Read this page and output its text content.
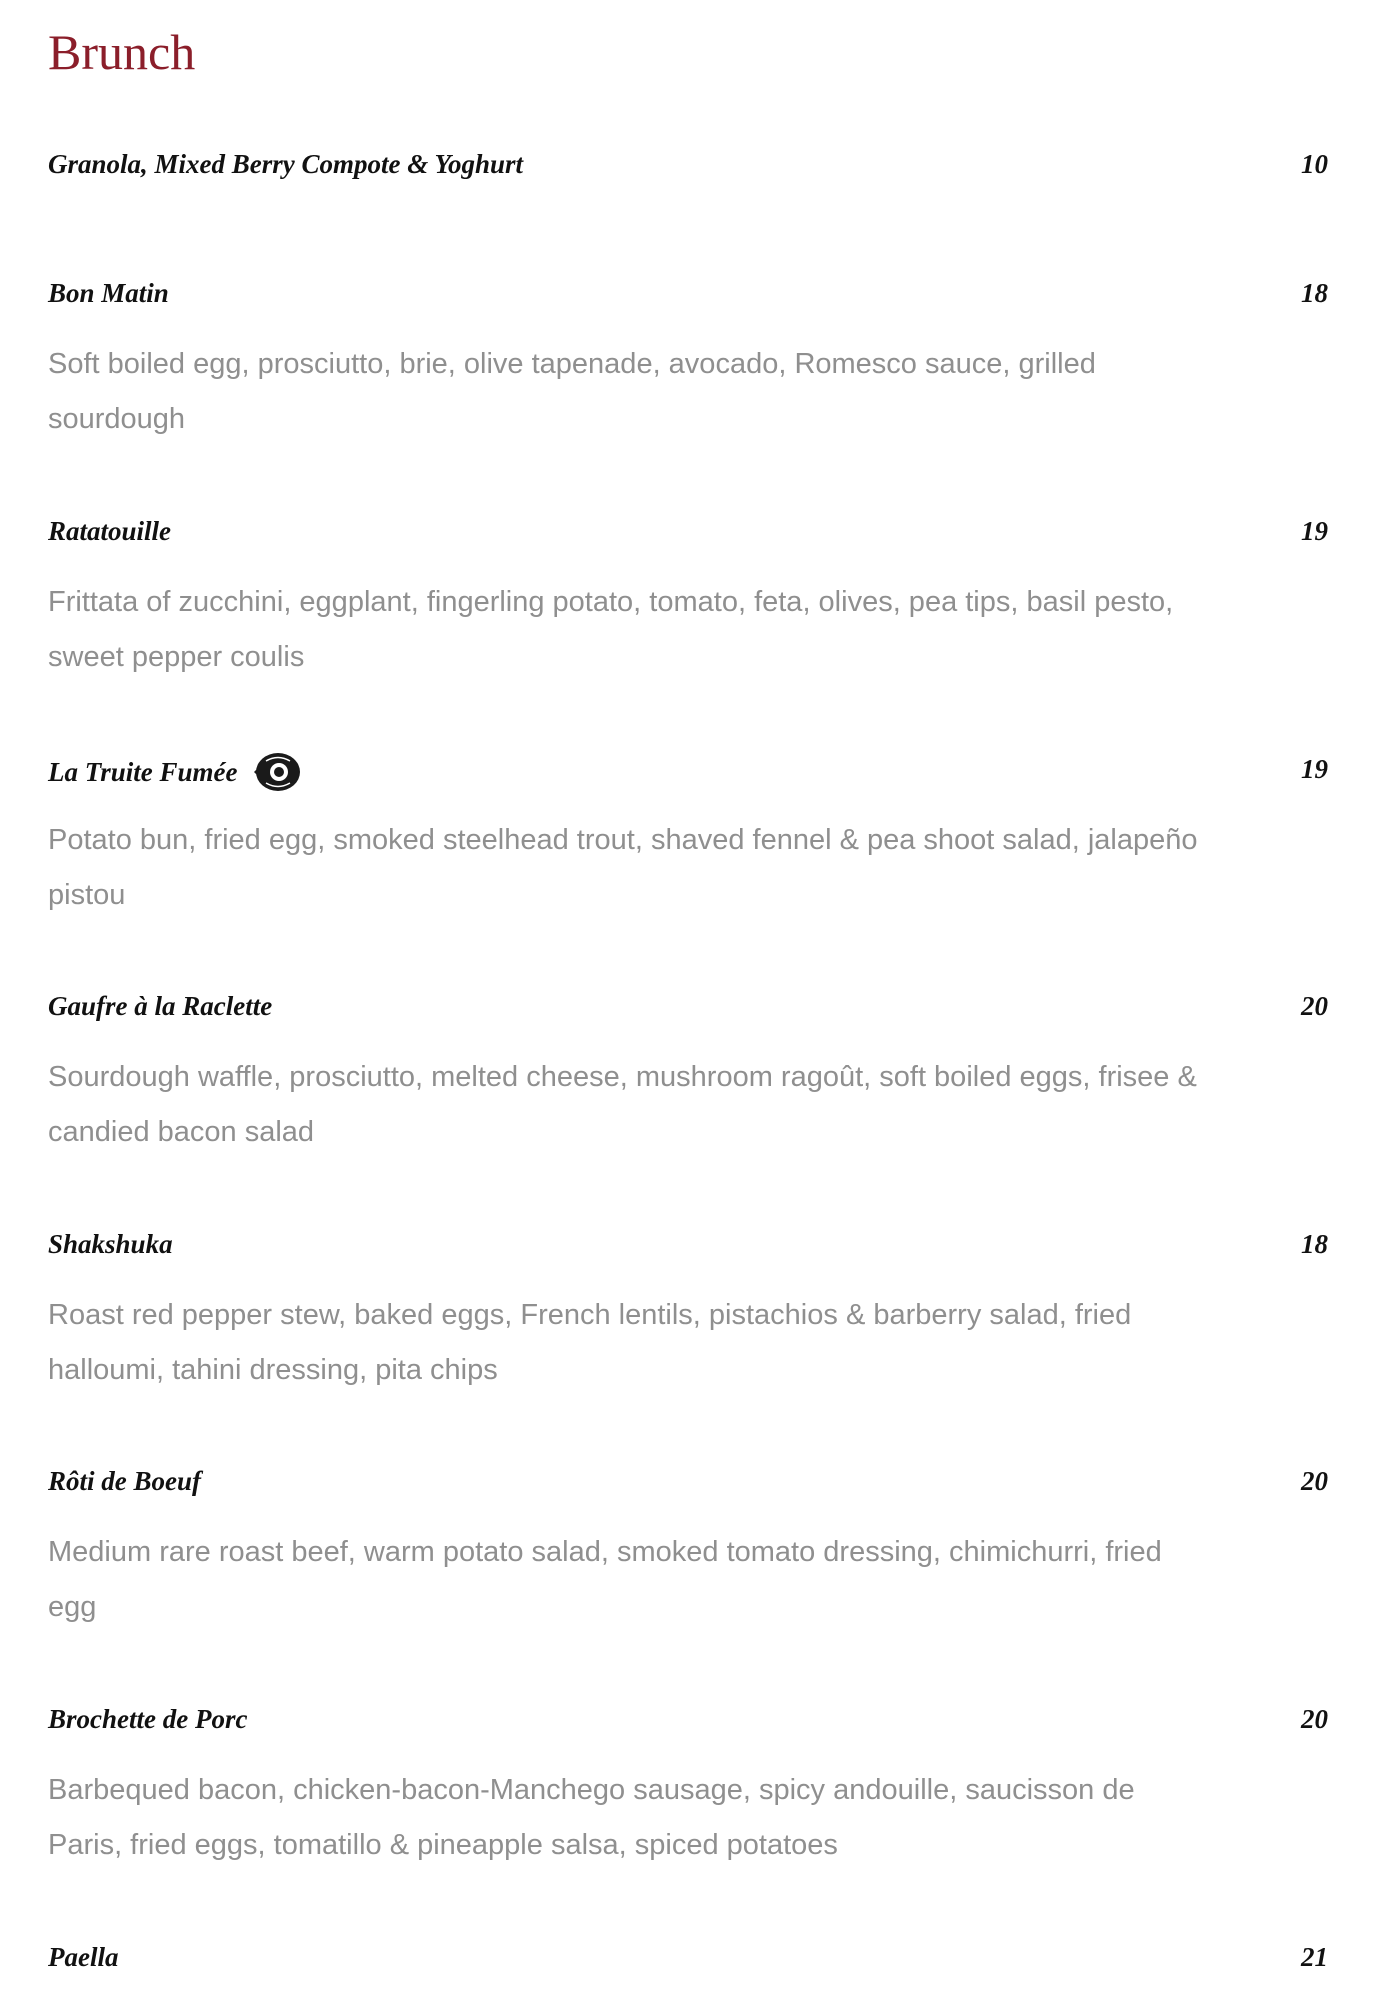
Brunch
Granola, Mixed Berry Compote & Yoghurt	10
Bon Matin	18
Soft boiled egg, prosciutto, brie, olive tapenade, avocado, Romesco sauce, grilled sourdough
Ratatouille	19
Frittata of zucchini, eggplant, fingerling potato, tomato, feta, olives, pea tips, basil pesto, sweet pepper coulis
La Truite Fumée	19
Potato bun, fried egg, smoked steelhead trout, shaved fennel & pea shoot salad, jalapeño pistou
Gaufre à la Raclette	20
Sourdough waffle, prosciutto, melted cheese, mushroom ragoût, soft boiled eggs, frisee & candied bacon salad
Shakshuka	18
Roast red pepper stew, baked eggs, French lentils, pistachios & barberry salad, fried halloumi, tahini dressing, pita chips
Rôti de Boeuf	20
Medium rare roast beef, warm potato salad, smoked tomato dressing, chimichurri, fried egg
Brochette de Porc	20
Barbequed bacon, chicken-bacon-Manchego sausage, spicy andouille, saucisson de Paris, fried eggs, tomatillo & pineapple salsa, spiced potatoes
Paella	21
